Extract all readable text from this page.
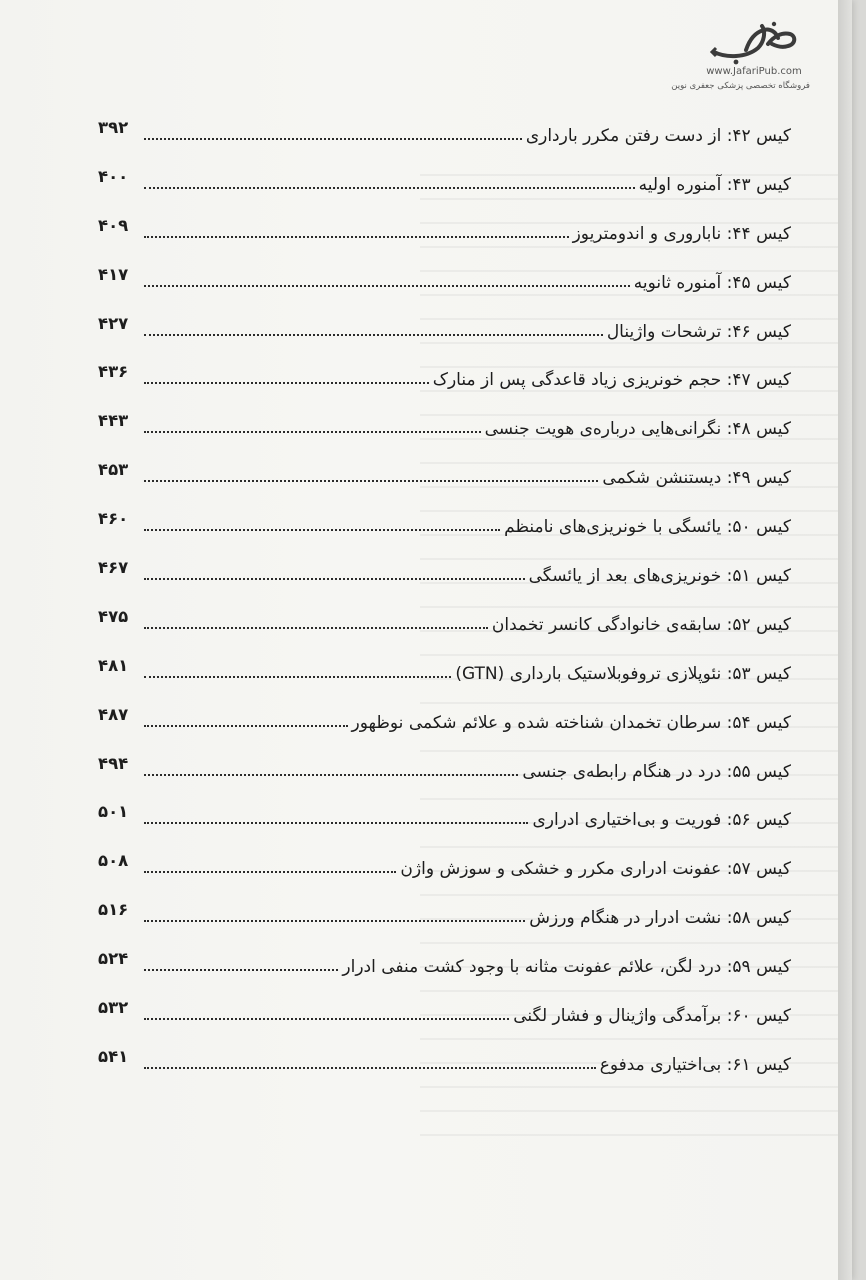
www.JafariPub.com
فروشگاه تخصصی پزشکی جعفری نوین
۳۹۲	کیس ۴۲: از دست رفتن مکرر بارداری
۴۰۰	کیس ۴۳: آمنوره اولیه
۴۰۹	کیس ۴۴: ناباروری و اندومتریوز
۴۱۷	کیس ۴۵: آمنوره ثانویه
۴۲۷	کیس ۴۶: ترشحات واژینال
۴۳۶	کیس ۴۷: حجم خونریزی زیاد قاعدگی پس از منارک
۴۴۳	کیس ۴۸: نگرانی‌هایی درباره‌ی هویت جنسی
۴۵۳	کیس ۴۹: دیستنشن شکمی
۴۶۰	کیس ۵۰: یائسگی با خونریزی‌های نامنظم
۴۶۷	کیس ۵۱: خونریزی‌های بعد از یائسگی
۴۷۵	کیس ۵۲: سابقه‌ی خانوادگی کانسر تخمدان
۴۸۱	کیس ۵۳: نئوپلازی تروفوبلاستیک بارداری (GTN)
۴۸۷	کیس ۵۴: سرطان تخمدان شناخته شده و علائم شکمی نوظهور
۴۹۴	کیس ۵۵: درد در هنگام رابطه‌ی جنسی
۵۰۱	کیس ۵۶: فوریت و بی‌اختیاری ادراری
۵۰۸	کیس ۵۷: عفونت ادراری مکرر و خشکی و سوزش واژن
۵۱۶	کیس ۵۸: نشت ادرار در هنگام ورزش
۵۲۴	کیس ۵۹: درد لگن، علائم عفونت مثانه با وجود کشت منفی ادرار
۵۳۲	کیس ۶۰: برآمدگی واژینال و فشار لگنی
۵۴۱	کیس ۶۱: بی‌اختیاری مدفوع
